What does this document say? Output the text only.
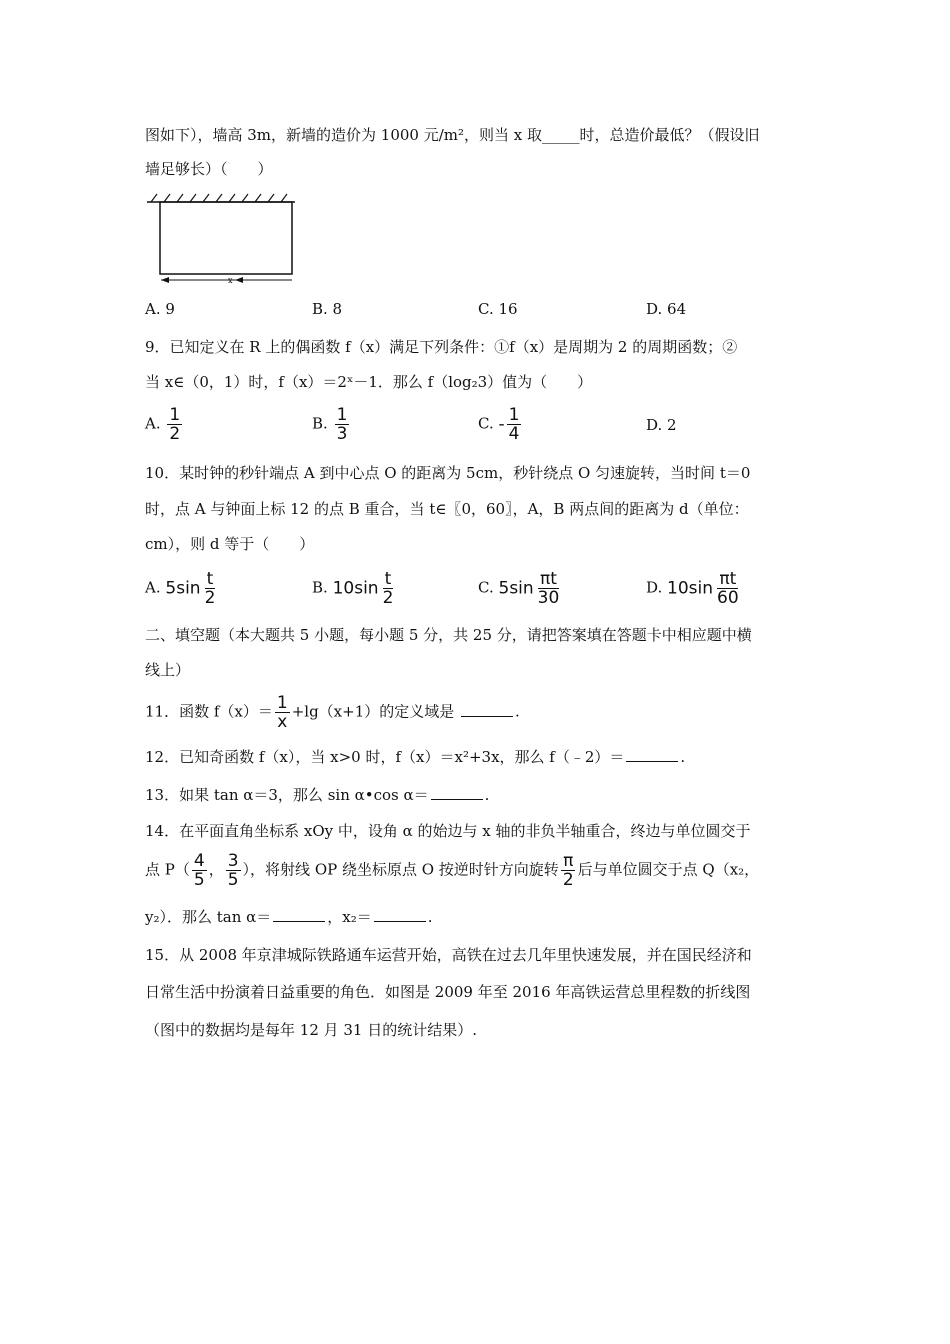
图如下），墙高 3m，新墙的造价为 1000 元/m²，则当 x 取_____时，总造价最低？（假设旧
墙足够长）（　　）
x
A. 9	B. 8	C. 16	D. 64
9．已知定义在 R 上的偶函数 f（x）满足下列条件：①f（x）是周期为 2 的周期函数；②
当 x∈（0，1）时，f（x）＝2ˣ－1．那么 f（log₂3）值为（　　）
A. $\frac{1}{2}$	B. $\frac{1}{3}$	C. - $\frac{1}{4}$	D. 2
10．某时钟的秒针端点 A 到中心点 O 的距离为 5cm，秒针绕点 O 匀速旋转，当时间 t＝0
时，点 A 与钟面上标 12 的点 B 重合，当 t∈〖0，60〗，A，B 两点间的距离为 d（单位：
cm），则 d 等于（　　）
A. $5\sin \frac{t}{2}$	B. $10\sin \frac{t}{2}$	C. $5\sin \frac{\pi t}{30}$	D. $10\sin \frac{\pi t}{60}$
二、填空题（本大题共 5 小题，每小题 5 分，共 25 分，请把答案填在答题卡中相应题中横
线上）
11．函数 $f(x)= \frac{1}{x} +\lg(x+1)$的定义域是	.
12．已知奇函数 f（x），当 x>0 时，f（x）＝x²+3x，那么 f（﹣2）＝	.
13．如果 tan α＝3，那么 sin α•cos α＝	.
14．在平面直角坐标系 xOy 中，设角 α 的始边与 x 轴的非负半轴重合，终边与单位圆交于
点 $P( \frac{4}{5}$ ， $\frac{3}{5}$ ），将射线 OP 绕坐标原点 O 按逆时针方向旋转 $\frac{\pi}{2}$ 后与单位圆交于点 Q（x₂，
y₂）．那么 tan α＝	，x₂＝	.
15．从 2008 年京津城际铁路通车运营开始，高铁在过去几年里快速发展，并在国民经济和
日常生活中扮演着日益重要的角色．如图是 2009 年至 2016 年高铁运营总里程数的折线图
（图中的数据均是每年 12 月 31 日的统计结果）.
